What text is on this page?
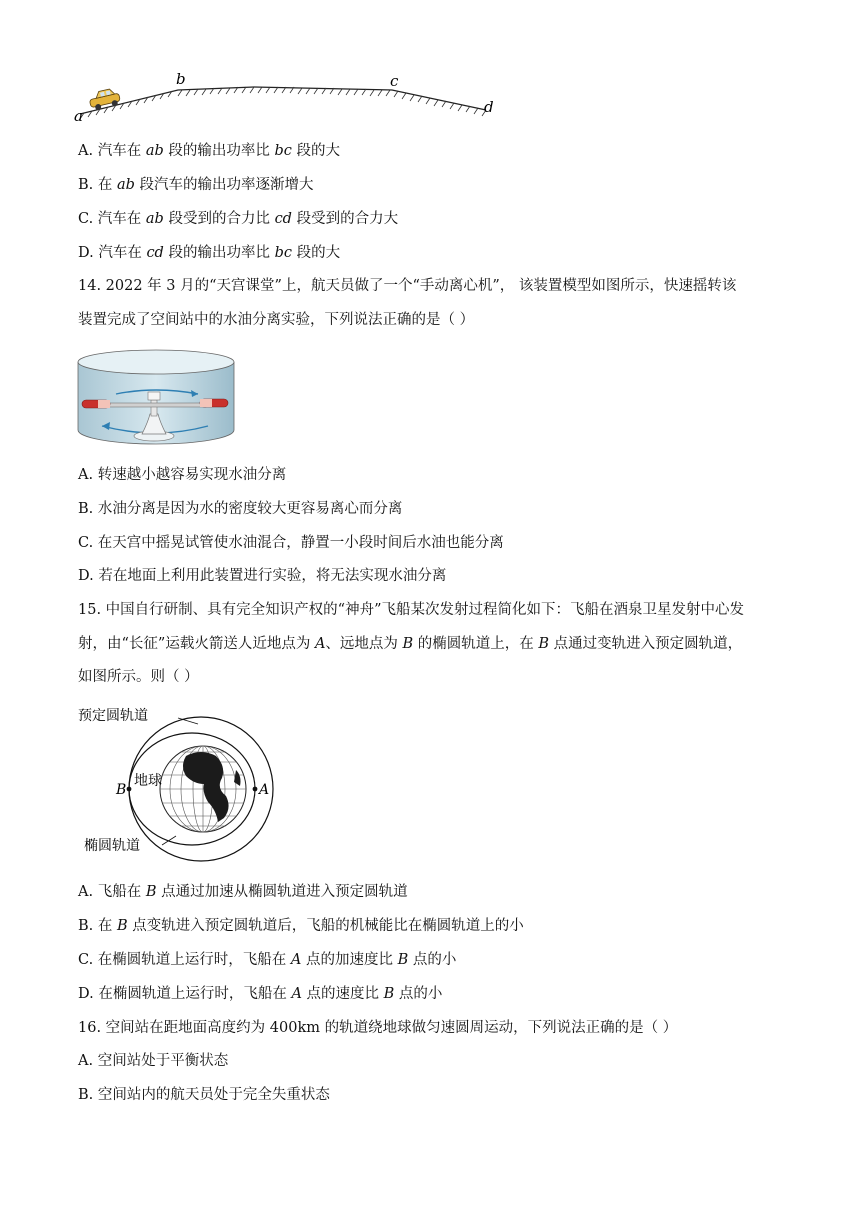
a
b	c
d
A. 汽车在 ab 段的输出功率比 bc 段的大
B. 在 ab 段汽车的输出功率逐渐增大
C. 汽车在 ab 段受到的合力比 cd 段受到的合力大
D. 汽车在 cd 段的输出功率比 bc 段的大
14. 2022 年 3 月的“天宫课堂”上，航天员做了一个“手动离心机”， 该装置模型如图所示，快速摇转该
装置完成了空间站中的水油分离实验，下列说法正确的是（ ）
A. 转速越小越容易实现水油分离
B. 水油分离是因为水的密度较大更容易离心而分离
C. 在天宫中摇晃试管使水油混合，静置一小段时间后水油也能分离
D. 若在地面上利用此装置进行实验，将无法实现水油分离
15. 中国自行研制、具有完全知识产权的“神舟”飞船某次发射过程简化如下：飞船在酒泉卫星发射中心发
射，由“长征”运载火箭送人近地点为 A、远地点为 B 的椭圆轨道上，在 B 点通过变轨进入预定圆轨道，
如图所示。则（ ）
预定圆轨道
地球
椭圆轨道
B	A
A. 飞船在 B 点通过加速从椭圆轨道进入预定圆轨道
B. 在 B 点变轨进入预定圆轨道后，飞船的机械能比在椭圆轨道上的小
C. 在椭圆轨道上运行时，飞船在 A 点的加速度比 B 点的小
D. 在椭圆轨道上运行时，飞船在 A 点的速度比 B 点的小
16. 空间站在距地面高度约为 400km 的轨道绕地球做匀速圆周运动，下列说法正确的是（ ）
A. 空间站处于平衡状态
B. 空间站内的航天员处于完全失重状态
